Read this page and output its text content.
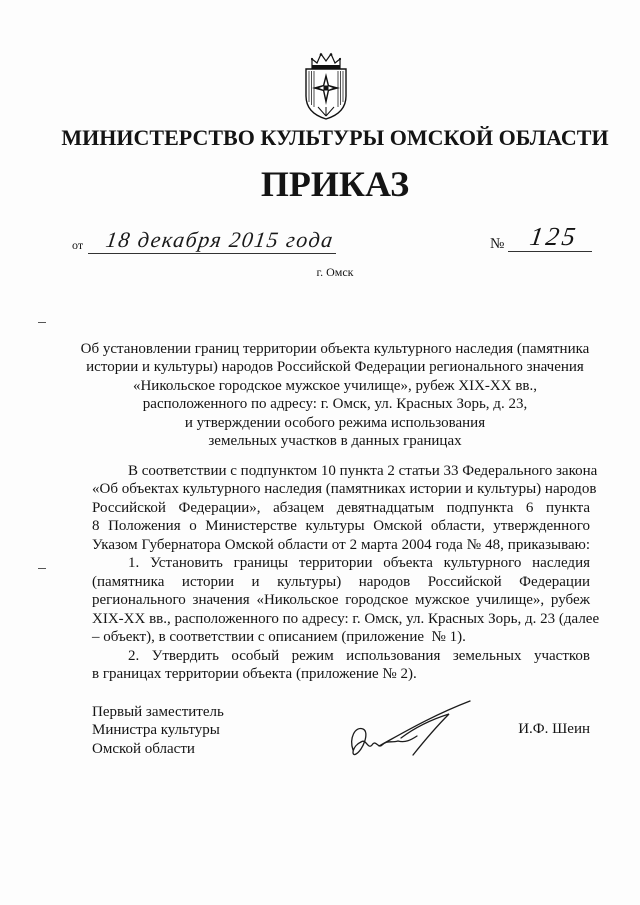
МИНИСТЕРСТВО КУЛЬТУРЫ ОМСКОЙ ОБЛАСТИ
ПРИКАЗ
от 18 декабря 2015 года	№ 125
г. Омск
Об установлении границ территории объекта культурного наследия (памятника
истории и культуры) народов Российской Федерации регионального значения
«Никольское городское мужское училище», рубеж XIX-XX вв.,
расположенного по адресу: г. Омск, ул. Красных Зорь, д. 23,
и утверждении особого режима использования
земельных участков в данных границах
В соответствии с подпунктом 10 пункта 2 статьи 33 Федерального закона
«Об объектах культурного наследия (памятниках истории и культуры) народов
Российской Федерации», абзацем девятнадцатым подпункта 6 пункта
8 Положения о Министерстве культуры Омской области, утвержденного
Указом Губернатора Омской области от 2 марта 2004 года № 48, приказываю:
1. Установить границы территории объекта культурного наследия
(памятника истории и культуры) народов Российской Федерации
регионального значения «Никольское городское мужское училище», рубеж
XIX-XX вв., расположенного по адресу: г. Омск, ул. Красных Зорь, д. 23 (далее
– объект), в соответствии с описанием (приложение  № 1).
2. Утвердить особый режим использования земельных участков
в границах территории объекта (приложение № 2).
Первый заместитель
Министра культуры
Омской области
И.Ф. Шеин
